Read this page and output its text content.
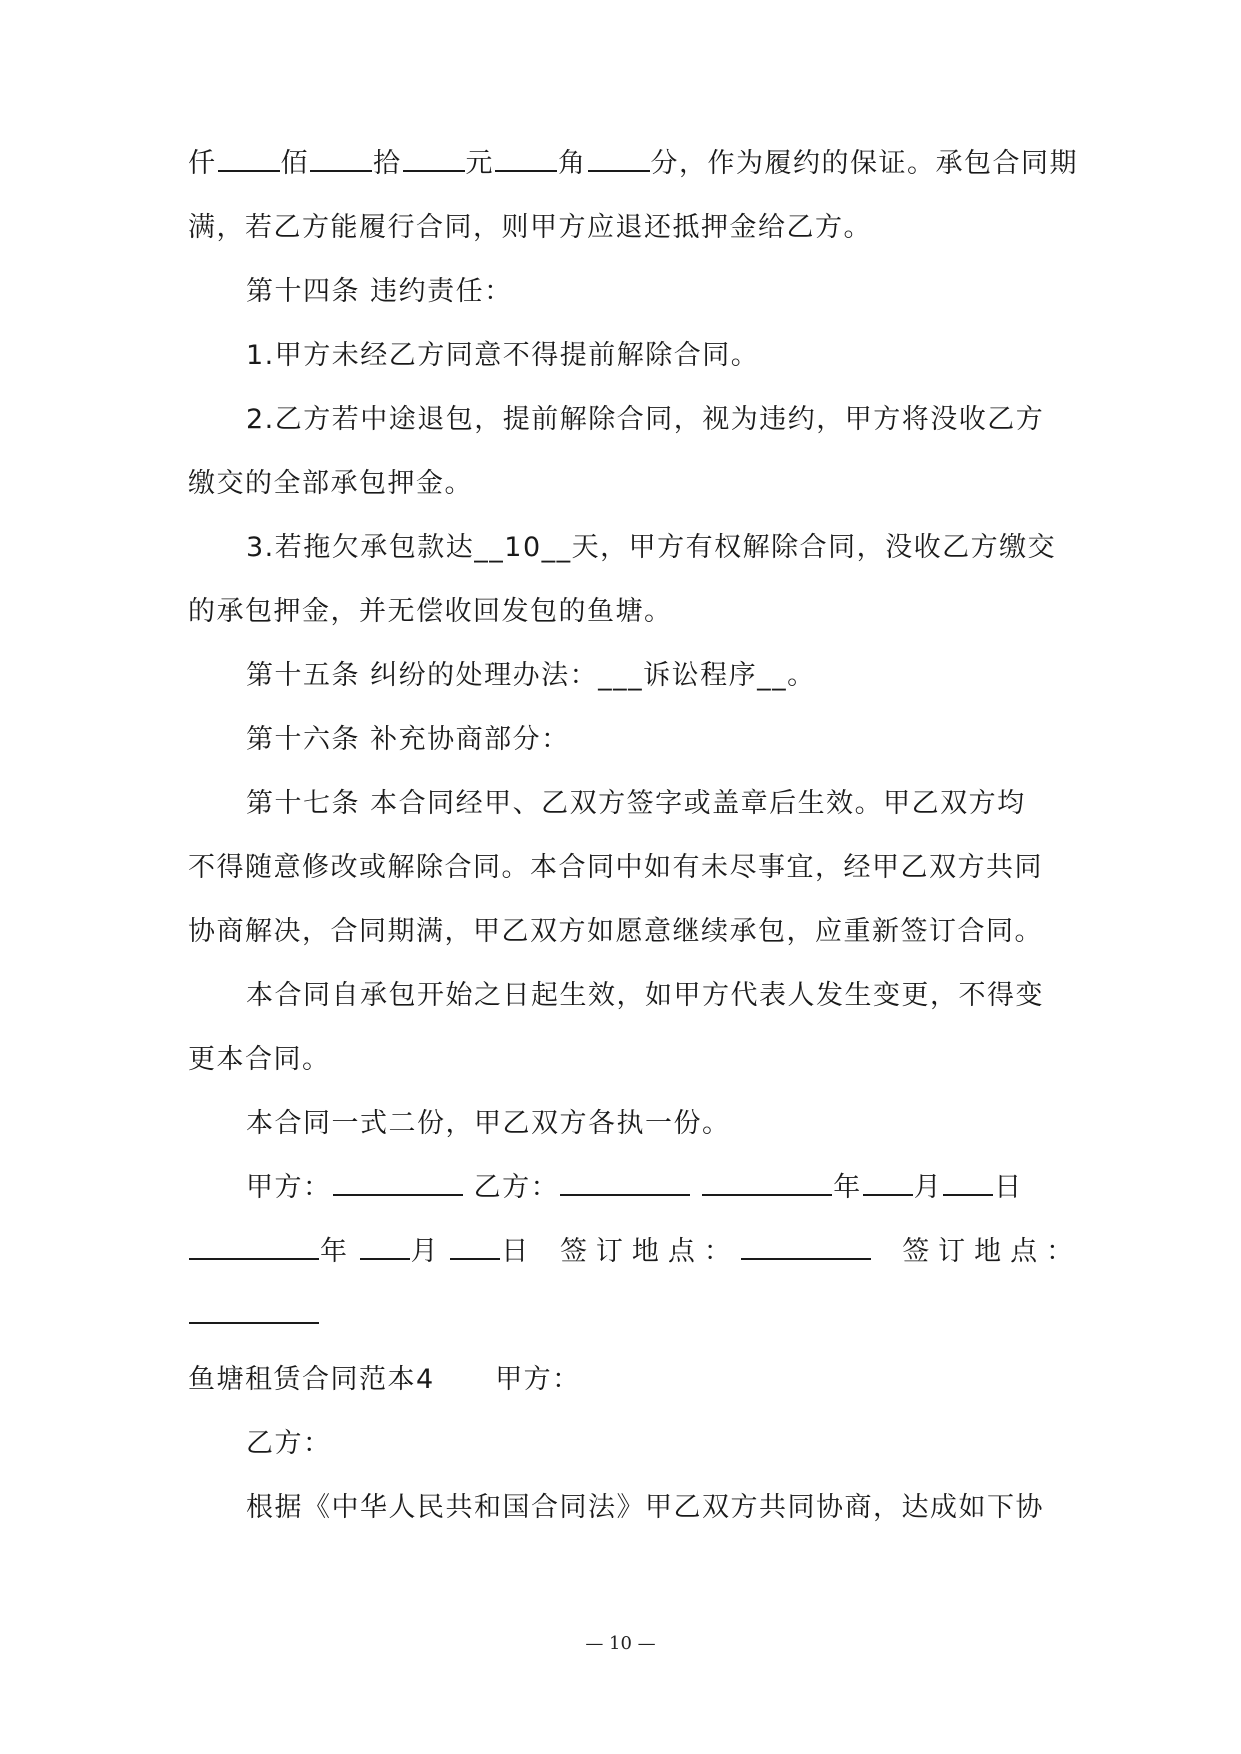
仟 佰 拾 元 角 分，作为履约的保证。承包合同期
满，若乙方能履行合同，则甲方应退还抵押金给乙方。
第十四条 违约责任：
1.甲方未经乙方同意不得提前解除合同。
2.乙方若中途退包，提前解除合同，视为违约，甲方将没收乙方
缴交的全部承包押金。
3.若拖欠承包款达__10__天，甲方有权解除合同，没收乙方缴交
的承包押金，并无偿收回发包的鱼塘。
第十五条 纠纷的处理办法：___诉讼程序__。
第十六条 补充协商部分：
第十七条 本合同经甲、乙双方签字或盖章后生效。甲乙双方均
不得随意修改或解除合同。本合同中如有未尽事宜，经甲乙双方共同
协商解决，合同期满，甲乙双方如愿意继续承包，应重新签订合同。
本合同自承包开始之日起生效，如甲方代表人发生变更，不得变
更本合同。
本合同一式二份，甲乙双方各执一份。
甲方：	乙方：	年 月 日
年 月 日 签订地点：	签订地点：
鱼塘租赁合同范本4 甲方：
乙方：
根据《中华人民共和国合同法》甲乙双方共同协商，达成如下协
— 10 —
